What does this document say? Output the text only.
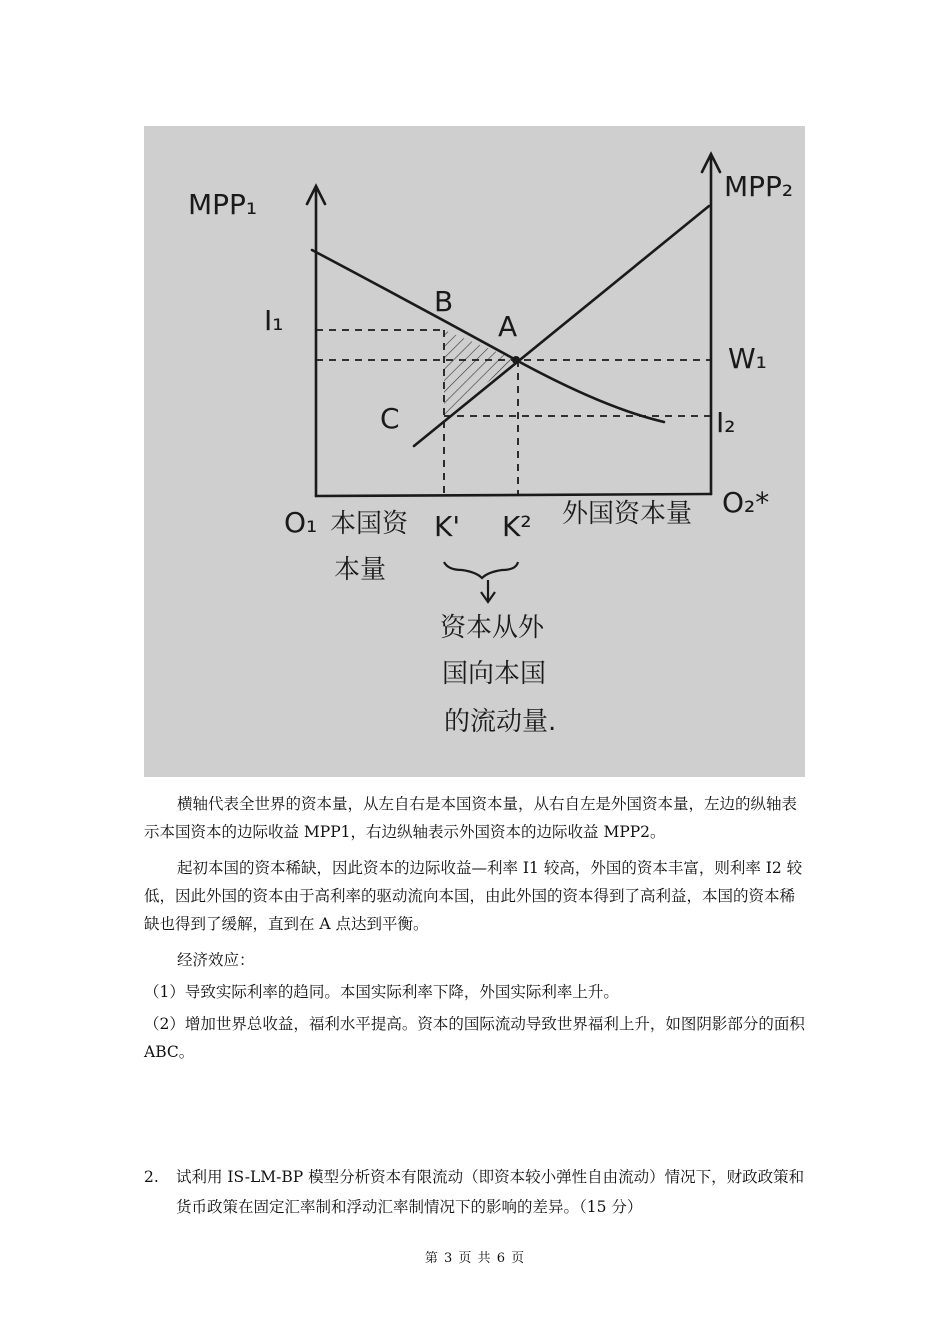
MPP₁
MPP₂
B
A
C
I₁
W₁
I₂
O₁
O₂*
本国资
本量
K' K² 外国资本量
资本从外
国向本国
的流动量.

横轴代表全世界的资本量，从左自右是本国资本量，从右自左是外国资本量，左边的纵轴表示本国资本的边际收益 MPP1，右边纵轴表示外国资本的边际收益 MPP2。

起初本国的资本稀缺，因此资本的边际收益—利率 I1 较高，外国的资本丰富，则利率 I2 较低，因此外国的资本由于高利率的驱动流向本国，由此外国的资本得到了高利益，本国的资本稀缺也得到了缓解，直到在 A 点达到平衡。

经济效应：

（1）导致实际利率的趋同。本国实际利率下降，外国实际利率上升。

（2）增加世界总收益，福利水平提高。资本的国际流动导致世界福利上升，如图阴影部分的面积 ABC。

2. 试利用 IS-LM-BP 模型分析资本有限流动（即资本较小弹性自由流动）情况下，财政政策和货币政策在固定汇率制和浮动汇率制情况下的影响的差异。（15 分）
第 3 页 共 6 页
